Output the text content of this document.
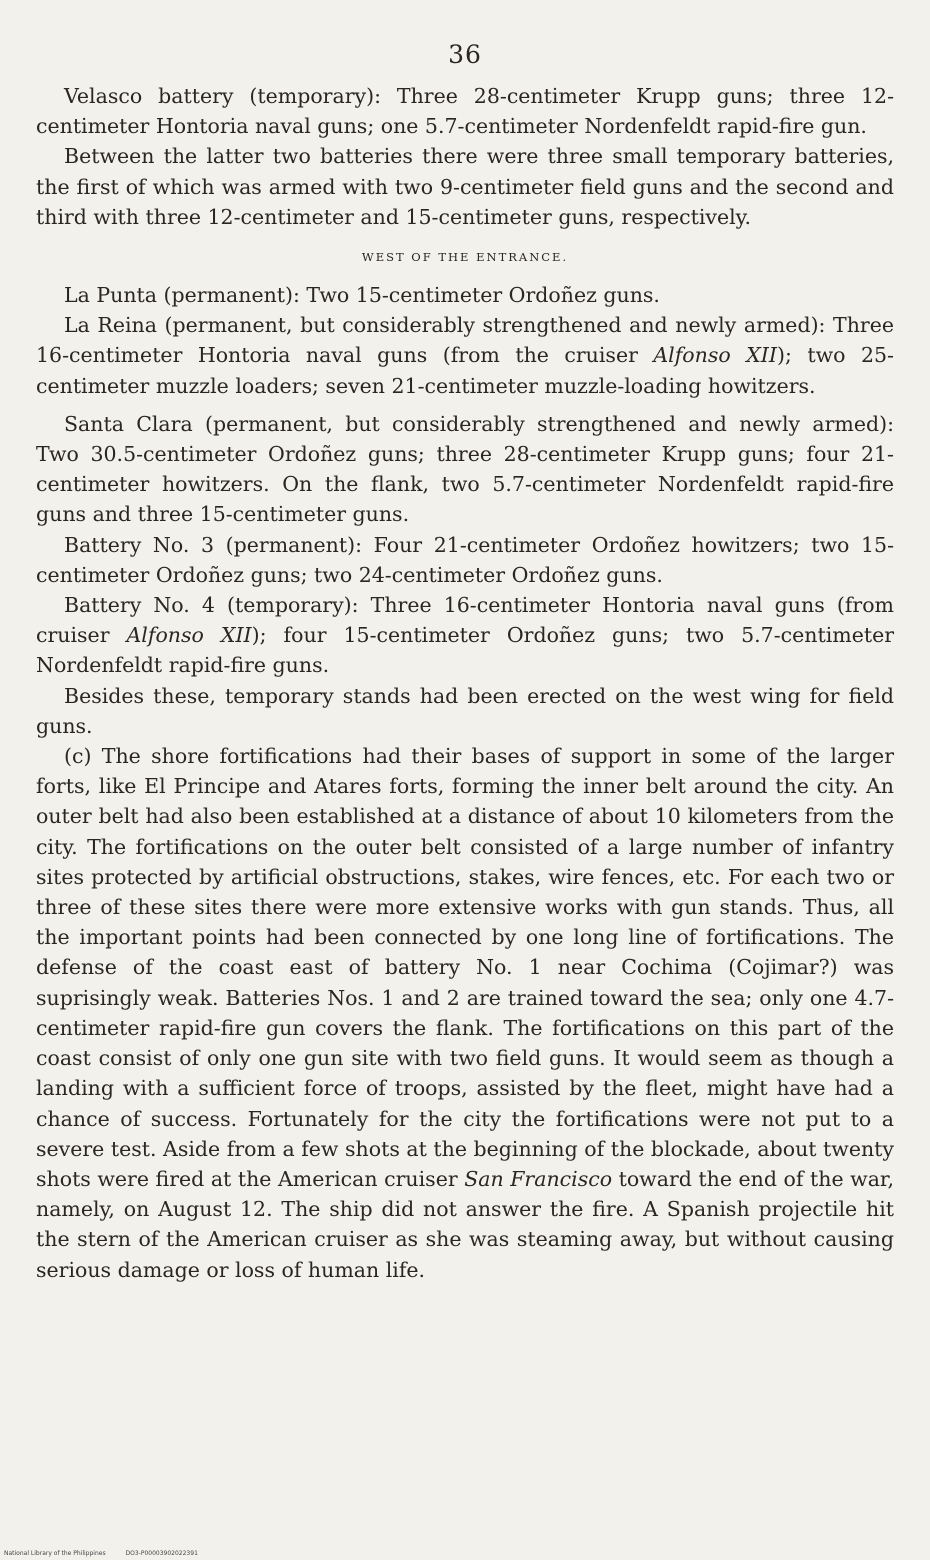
36

Velasco battery (temporary): Three 28-centimeter Krupp guns; three 12-centimeter Hontoria naval guns; one 5.7-centimeter Nordenfeldt rapid-fire gun.

Between the latter two batteries there were three small temporary batteries, the first of which was armed with two 9-centimeter field guns and the second and third with three 12-centimeter and 15-centimeter guns, respectively.

WEST OF THE ENTRANCE.

La Punta (permanent): Two 15-centimeter Ordoñez guns.

La Reina (permanent, but considerably strengthened and newly armed): Three 16-centimeter Hontoria naval guns (from the cruiser Alfonso XII); two 25-centimeter muzzle loaders; seven 21-centimeter muzzle-loading howitzers.

Santa Clara (permanent, but considerably strengthened and newly armed): Two 30.5-centimeter Ordoñez guns; three 28-centimeter Krupp guns; four 21-centimeter howitzers. On the flank, two 5.7-centimeter Nordenfeldt rapid-fire guns and three 15-centimeter guns.

Battery No. 3 (permanent): Four 21-centimeter Ordoñez howitzers; two 15-centimeter Ordoñez guns; two 24-centimeter Ordoñez guns.

Battery No. 4 (temporary): Three 16-centimeter Hontoria naval guns (from cruiser Alfonso XII); four 15-centimeter Ordoñez guns; two 5.7-centimeter Nordenfeldt rapid-fire guns.

Besides these, temporary stands had been erected on the west wing for field guns.

(c) The shore fortifications had their bases of support in some of the larger forts, like El Principe and Atares forts, forming the inner belt around the city. An outer belt had also been established at a distance of about 10 kilometers from the city. The fortifications on the outer belt consisted of a large number of infantry sites protected by artificial obstructions, stakes, wire fences, etc. For each two or three of these sites there were more extensive works with gun stands. Thus, all the important points had been connected by one long line of fortifications. The defense of the coast east of battery No. 1 near Cochima (Cojimar?) was suprisingly weak. Batteries Nos. 1 and 2 are trained toward the sea; only one 4.7-centimeter rapid-fire gun covers the flank. The fortifications on this part of the coast consist of only one gun site with two field guns. It would seem as though a landing with a sufficient force of troops, assisted by the fleet, might have had a chance of success. Fortunately for the city the fortifications were not put to a severe test. Aside from a few shots at the beginning of the blockade, about twenty shots were fired at the American cruiser San Francisco toward the end of the war, namely, on August 12. The ship did not answer the fire. A Spanish projectile hit the stern of the American cruiser as she was steaming away, but without causing serious damage or loss of human life.

National Library of the Philippines	DO3-P00003902022391
